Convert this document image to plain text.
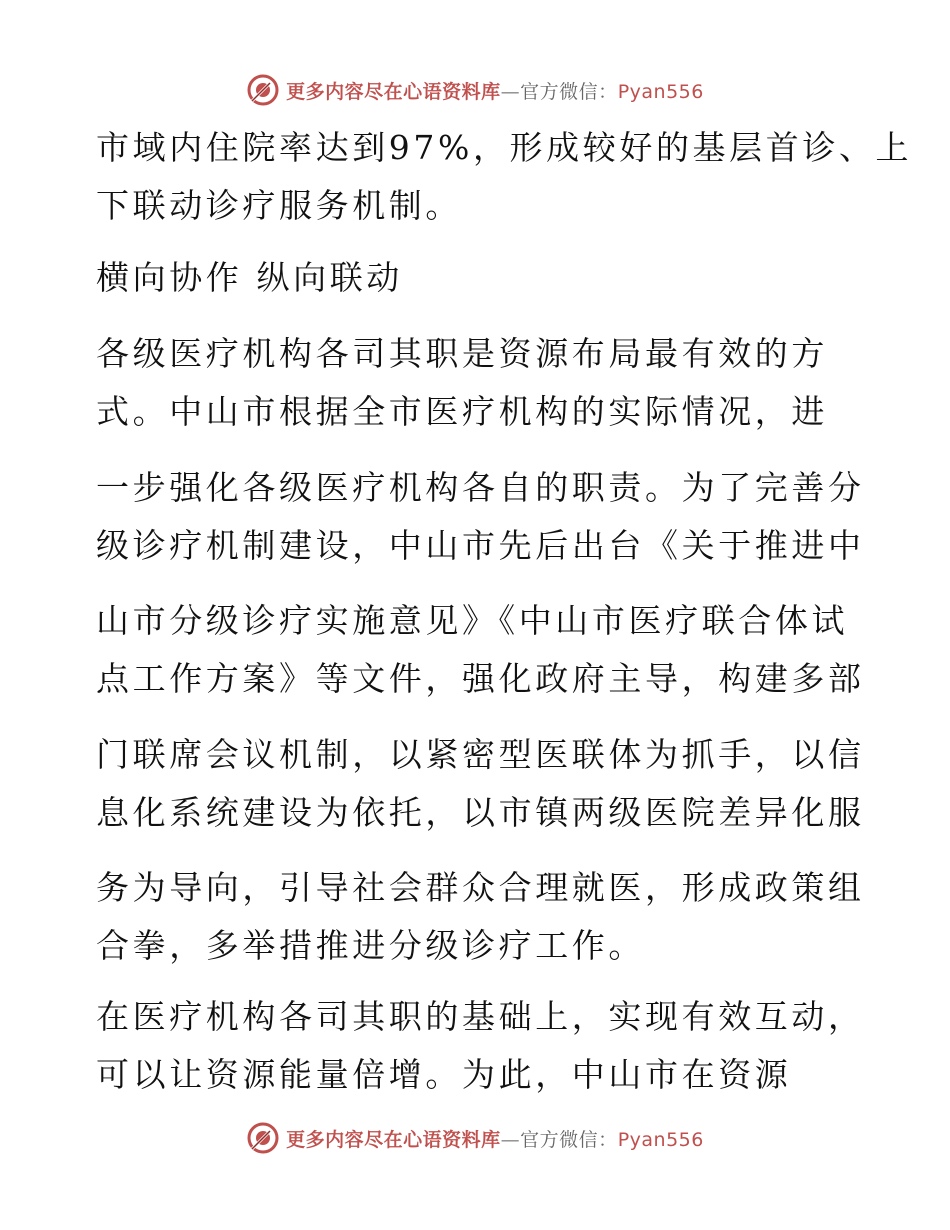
更多内容尽在心语资料库—官方微信：Pyan556
市域内住院率达到97%，形成较好的基层首诊、上
下联动诊疗服务机制。
横向协作 纵向联动
各级医疗机构各司其职是资源布局最有效的方
式。中山市根据全市医疗机构的实际情况，进
一步强化各级医疗机构各自的职责。为了完善分
级诊疗机制建设，中山市先后出台《关于推进中
山市分级诊疗实施意见》《中山市医疗联合体试
点工作方案》等文件，强化政府主导，构建多部
门联席会议机制，以紧密型医联体为抓手，以信
息化系统建设为依托，以市镇两级医院差异化服
务为导向，引导社会群众合理就医，形成政策组
合拳，多举措推进分级诊疗工作。
在医疗机构各司其职的基础上，实现有效互动，
可以让资源能量倍增。为此，中山市在资源
更多内容尽在心语资料库—官方微信：Pyan556
